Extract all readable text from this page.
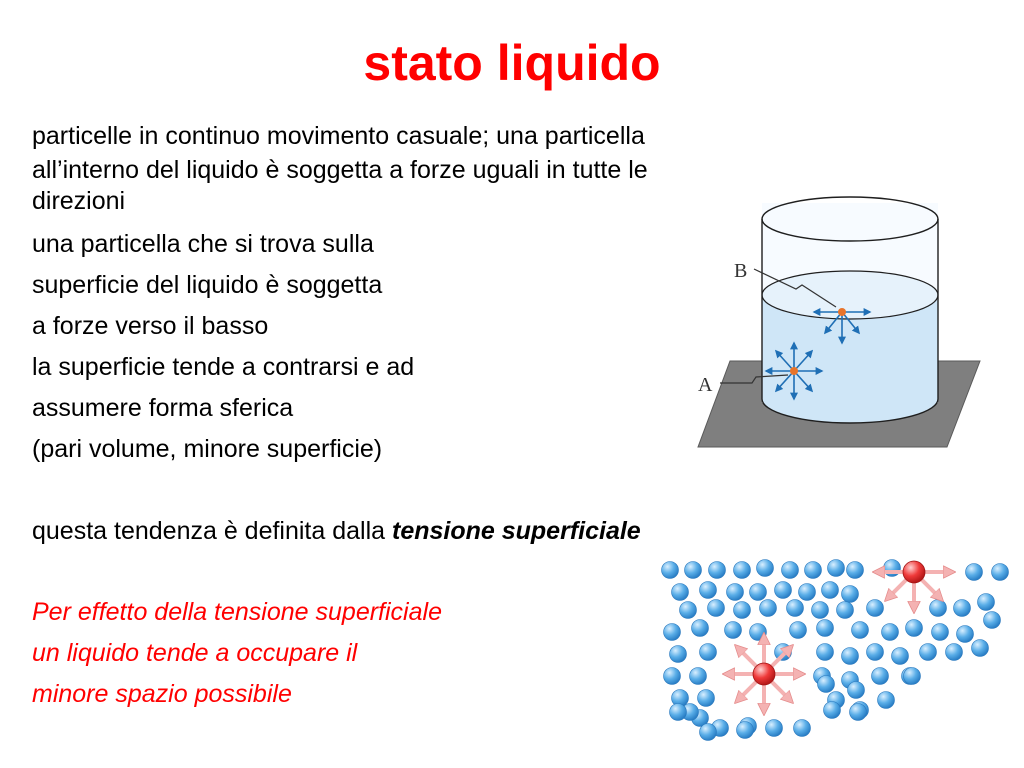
stato liquido
particelle in continuo movimento casuale; una particella
all’interno del liquido è soggetta a forze uguali in tutte le
direzioni
una particella che si trova sulla
superficie del liquido è soggetta
a forze verso il basso
la superficie tende a contrarsi e ad
assumere forma sferica
(pari volume, minore superficie)
questa tendenza è definita dalla tensione superficiale
Per effetto della tensione superficiale
un liquido tende a occupare il
minore spazio possibile
B
A
